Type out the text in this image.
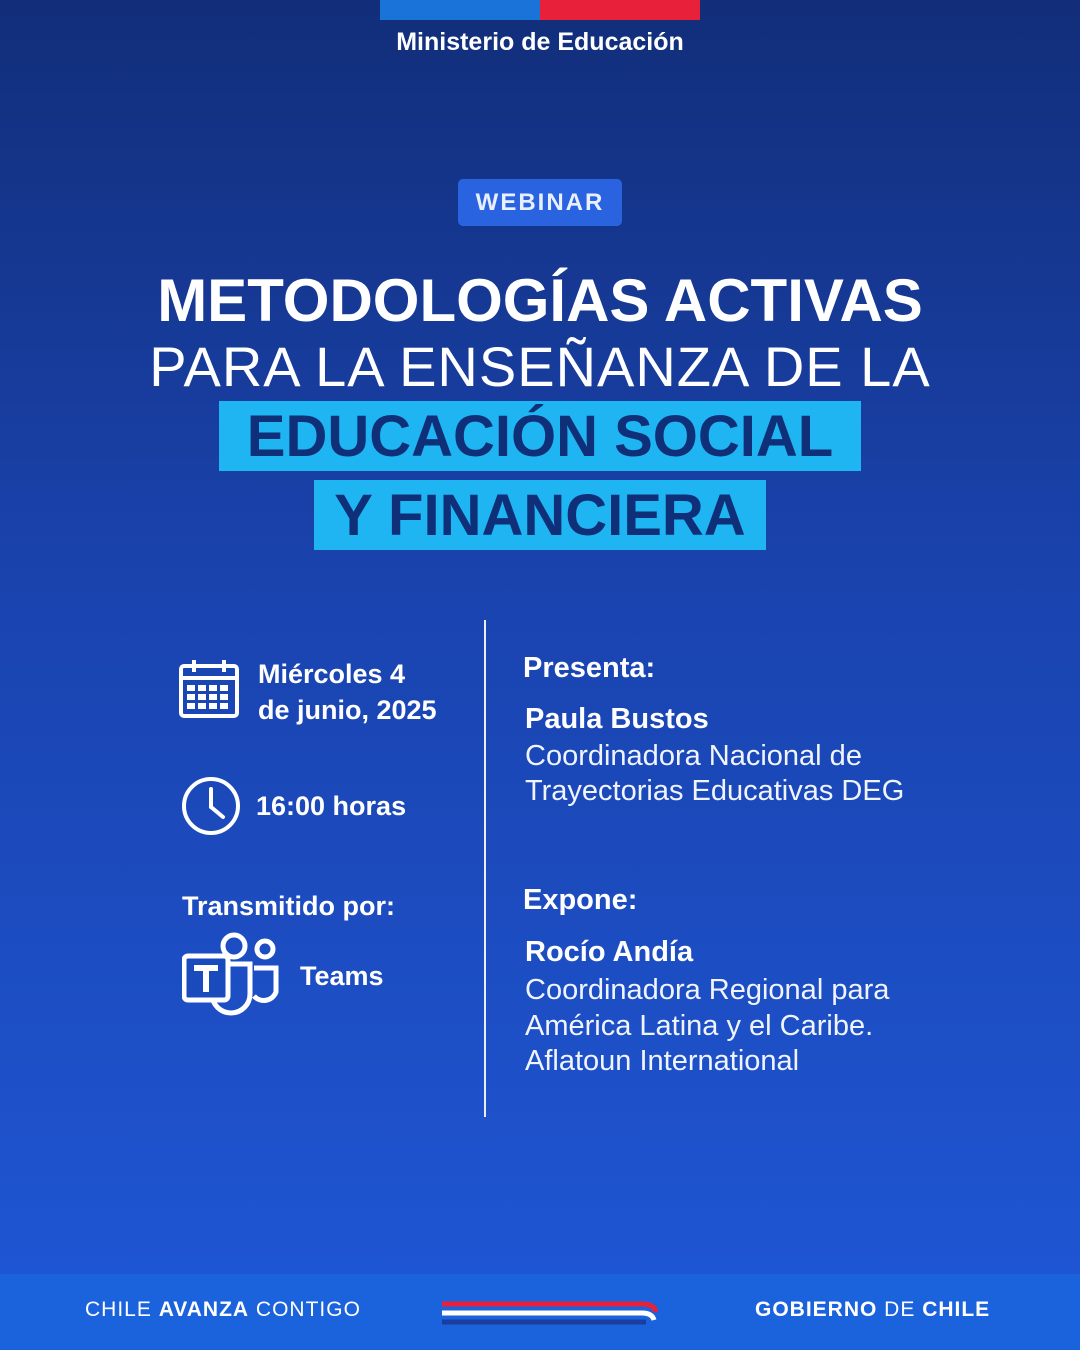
Ministerio de Educación
WEBINAR
METODOLOGÍAS ACTIVAS
PARA LA ENSEÑANZA DE LA
EDUCACIÓN SOCIAL
Y FINANCIERA
Miércoles 4
de junio, 2025
16:00 horas
Transmitido por:
Teams
Presenta:
Paula Bustos
Coordinadora Nacional de
Trayectorias Educativas DEG
Expone:
Rocío Andía
Coordinadora Regional para
América Latina y el Caribe.
Aflatoun International
CHILE AVANZA CONTIGO	GOBIERNO DE CHILE
